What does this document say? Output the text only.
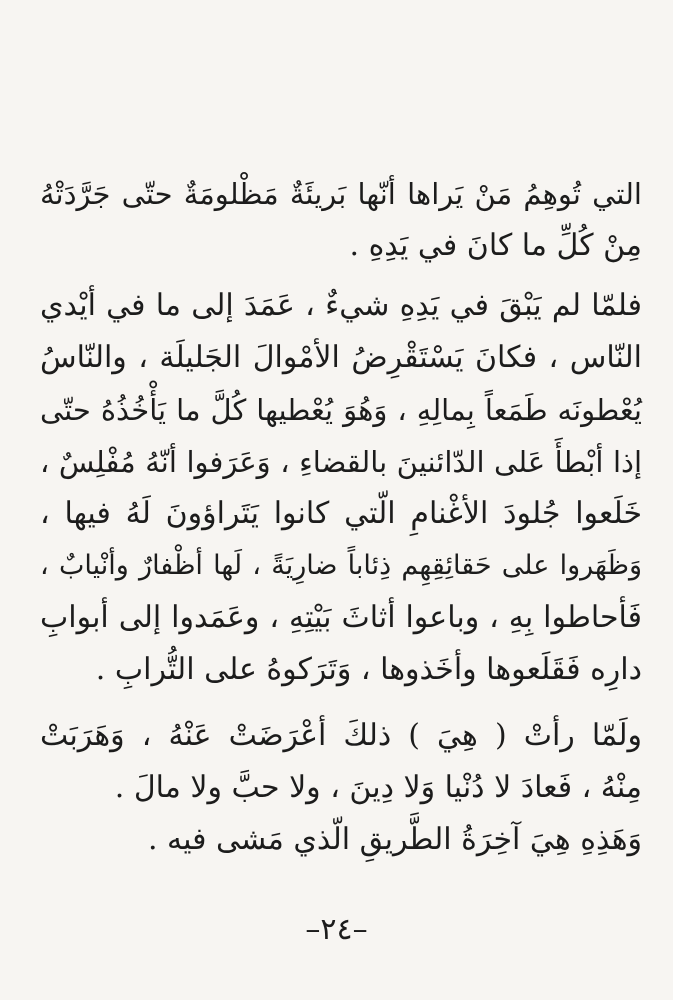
التي تُوهِمُ مَنْ يَراها أنّها بَريئَةٌ مَظْلومَةٌ حتّى جَرَّدَتْهُ
مِنْ كُلِّ ما كانَ في يَدِهِ .
فلمّا لم يَبْقَ في يَدِهِ شيءٌ ، عَمَدَ إلى ما في أيْدي
النّاس ، فكانَ يَسْتَقْرِضُ الأمْوالَ الجَليلَة ، والنّاسُ
يُعْطونَه طَمَعاً بِمالِهِ ، وَهُوَ يُعْطيها كُلَّ ما يَأْخُذُهُ حتّى
إذا أبْطأَ عَلى الدّائنينَ بالقضاءِ ، وَعَرَفوا أنّهُ مُفْلِسٌ ،
خَلَعوا جُلودَ الأغْنامِ الّتي كانوا يَتَراؤونَ لَهُ فيها ،
وَظَهَروا على حَقائِقِهِم ذِئاباً ضارِيَةً ، لَها أظْفارٌ وأنْيابٌ ،
فَأحاطوا بِهِ ، وباعوا أثاثَ بَيْتِهِ ، وعَمَدوا إلى أبوابِ
دارِه فَقَلَعوها وأخَذوها ، وَتَرَكوهُ على التُّرابِ .
ولَمّا رأتْ ( هِيَ ) ذلكَ أعْرَضَتْ عَنْهُ ، وَهَرَبَتْ
مِنْهُ ، فَعادَ لا دُنْيا وَلا دِينَ ، ولا حبَّ ولا مالَ .
وَهَذِهِ هِيَ آخِرَةُ الطَّريقِ الّذي مَشى فيه .
–٢٤–
